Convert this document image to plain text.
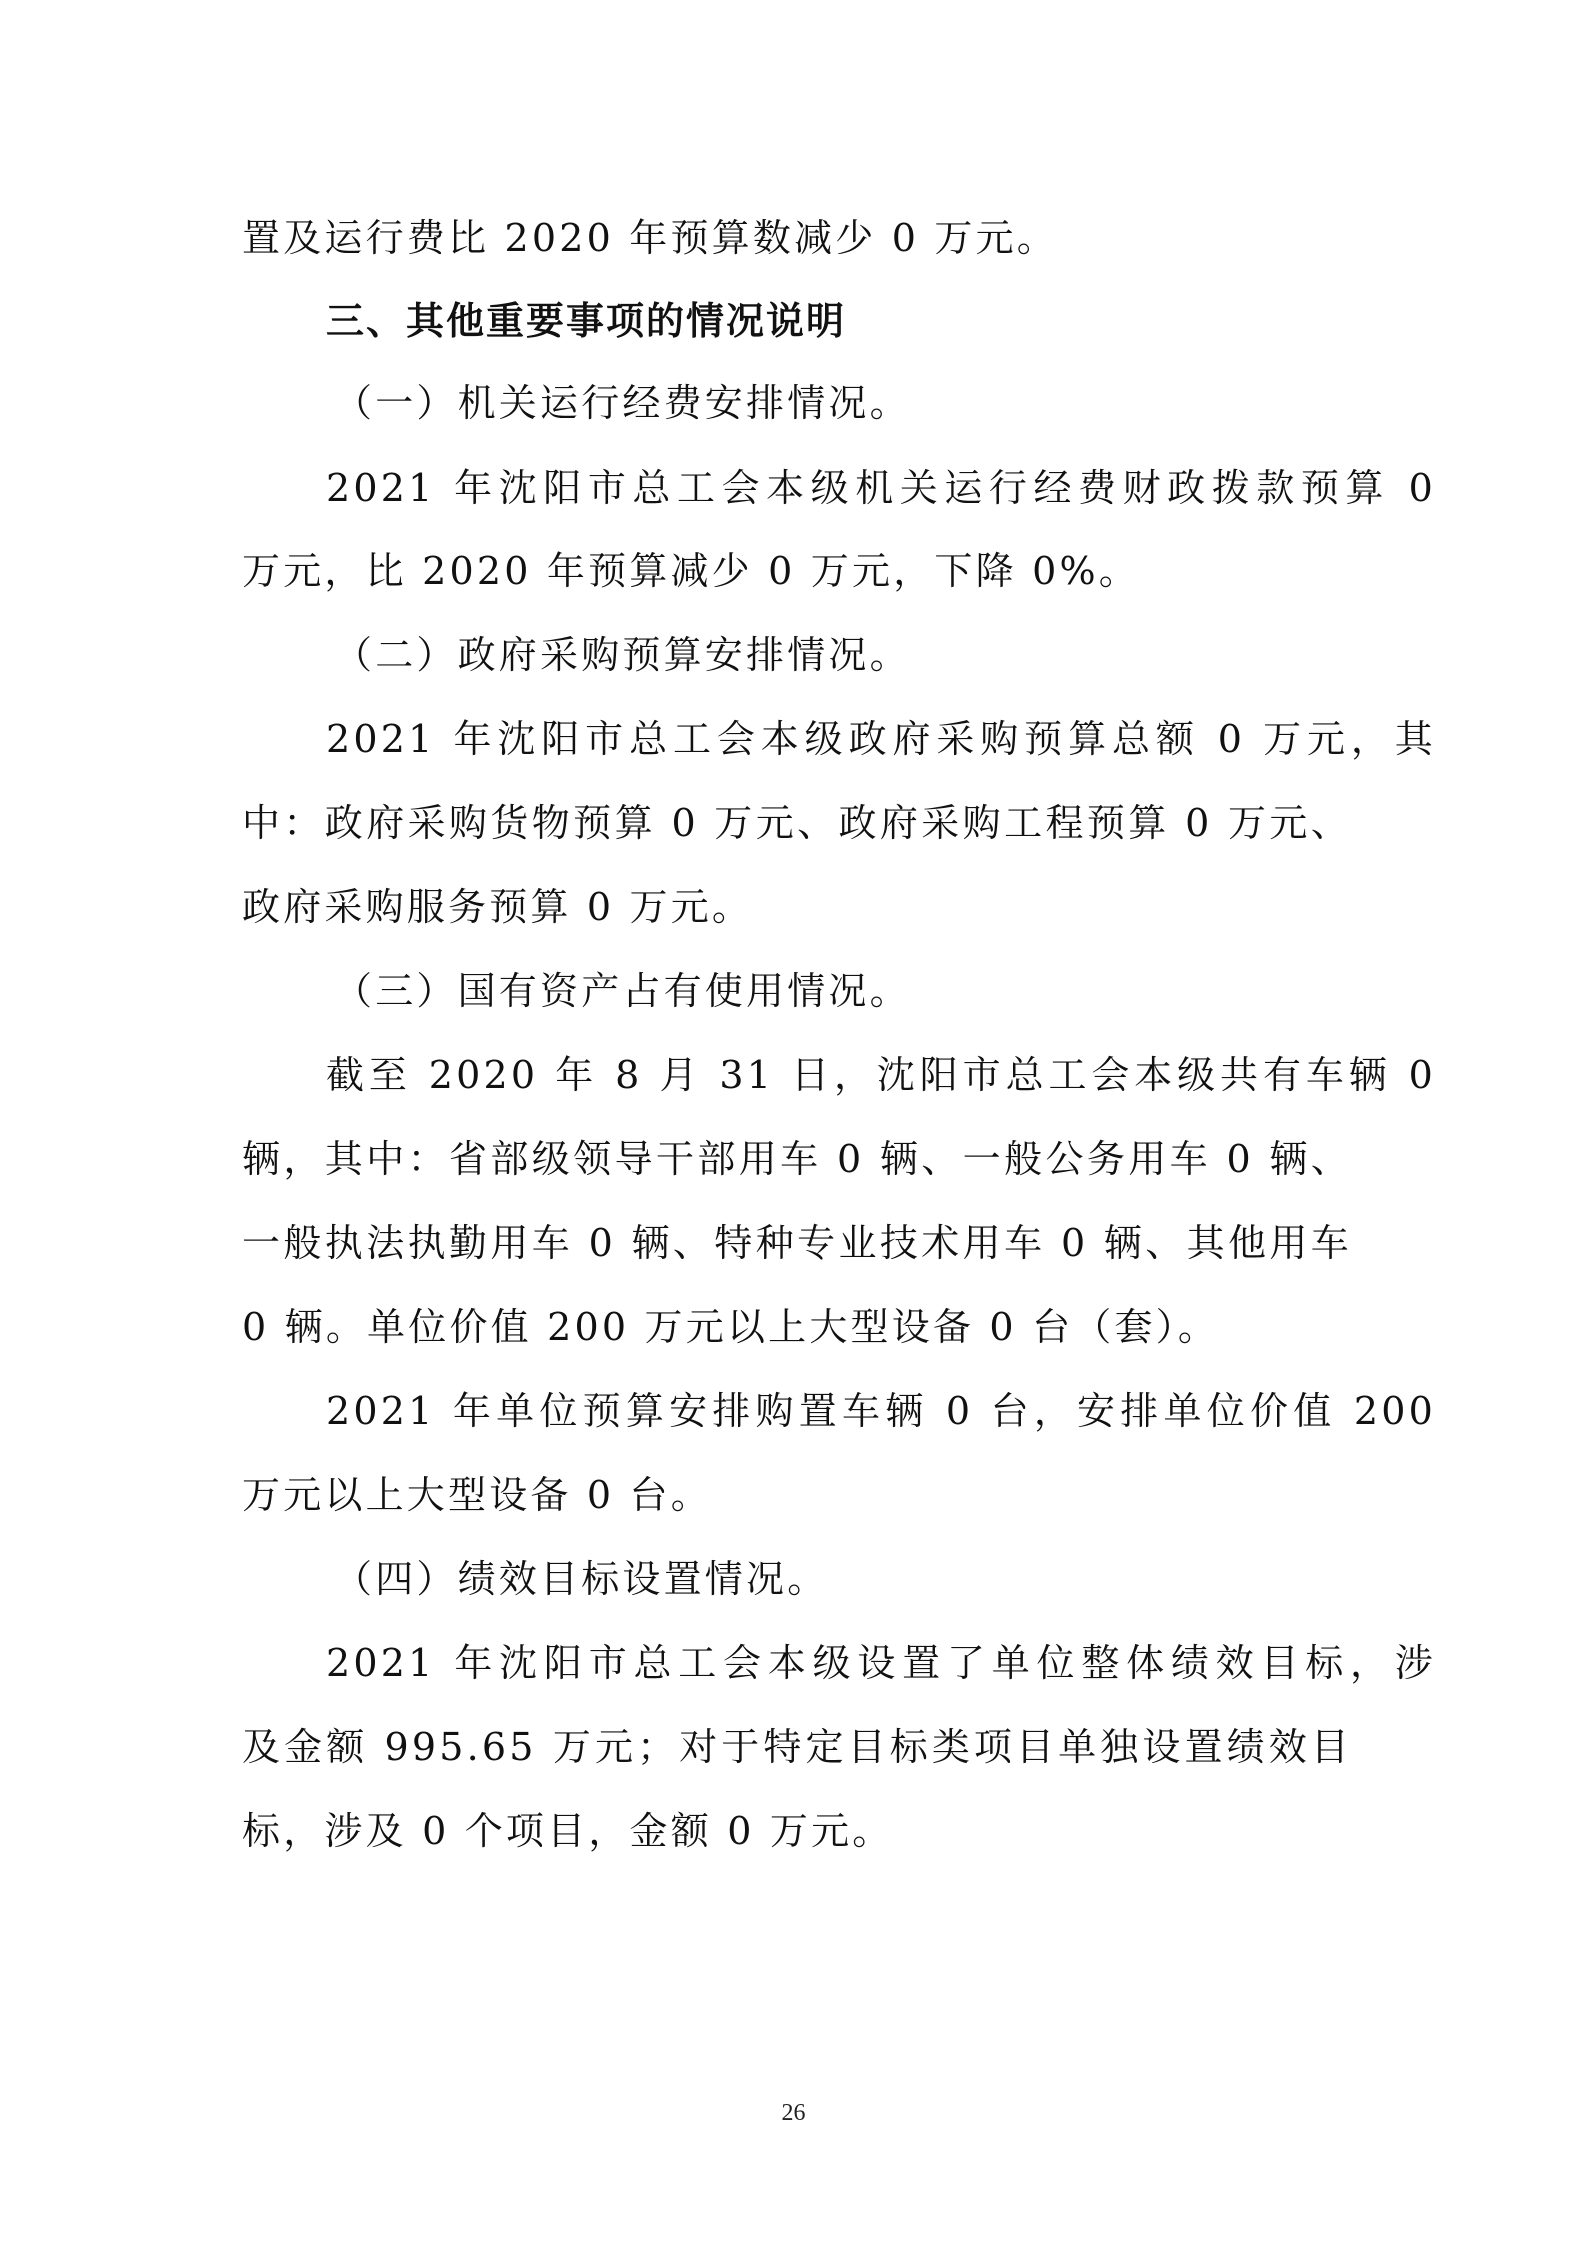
置及运行费比 2020 年预算数减少 0 万元。
三、其他重要事项的情况说明
（一）机关运行经费安排情况。
2021 年沈阳市总工会本级机关运行经费财政拨款预算 0
万元，比 2020 年预算减少 0 万元，下降 0%。
（二）政府采购预算安排情况。
2021 年沈阳市总工会本级政府采购预算总额 0 万元，其
中：政府采购货物预算 0 万元、政府采购工程预算 0 万元、
政府采购服务预算 0 万元。
（三）国有资产占有使用情况。
截至 2020 年 8 月 31 日，沈阳市总工会本级共有车辆 0
辆，其中：省部级领导干部用车 0 辆、一般公务用车 0 辆、
一般执法执勤用车 0 辆、特种专业技术用车 0 辆、其他用车
0 辆。单位价值 200 万元以上大型设备 0 台（套）。
2021 年单位预算安排购置车辆 0 台，安排单位价值 200
万元以上大型设备 0 台。
（四）绩效目标设置情况。
2021 年沈阳市总工会本级设置了单位整体绩效目标，涉
及金额 995.65 万元；对于特定目标类项目单独设置绩效目
标，涉及 0 个项目，金额 0 万元。
26
